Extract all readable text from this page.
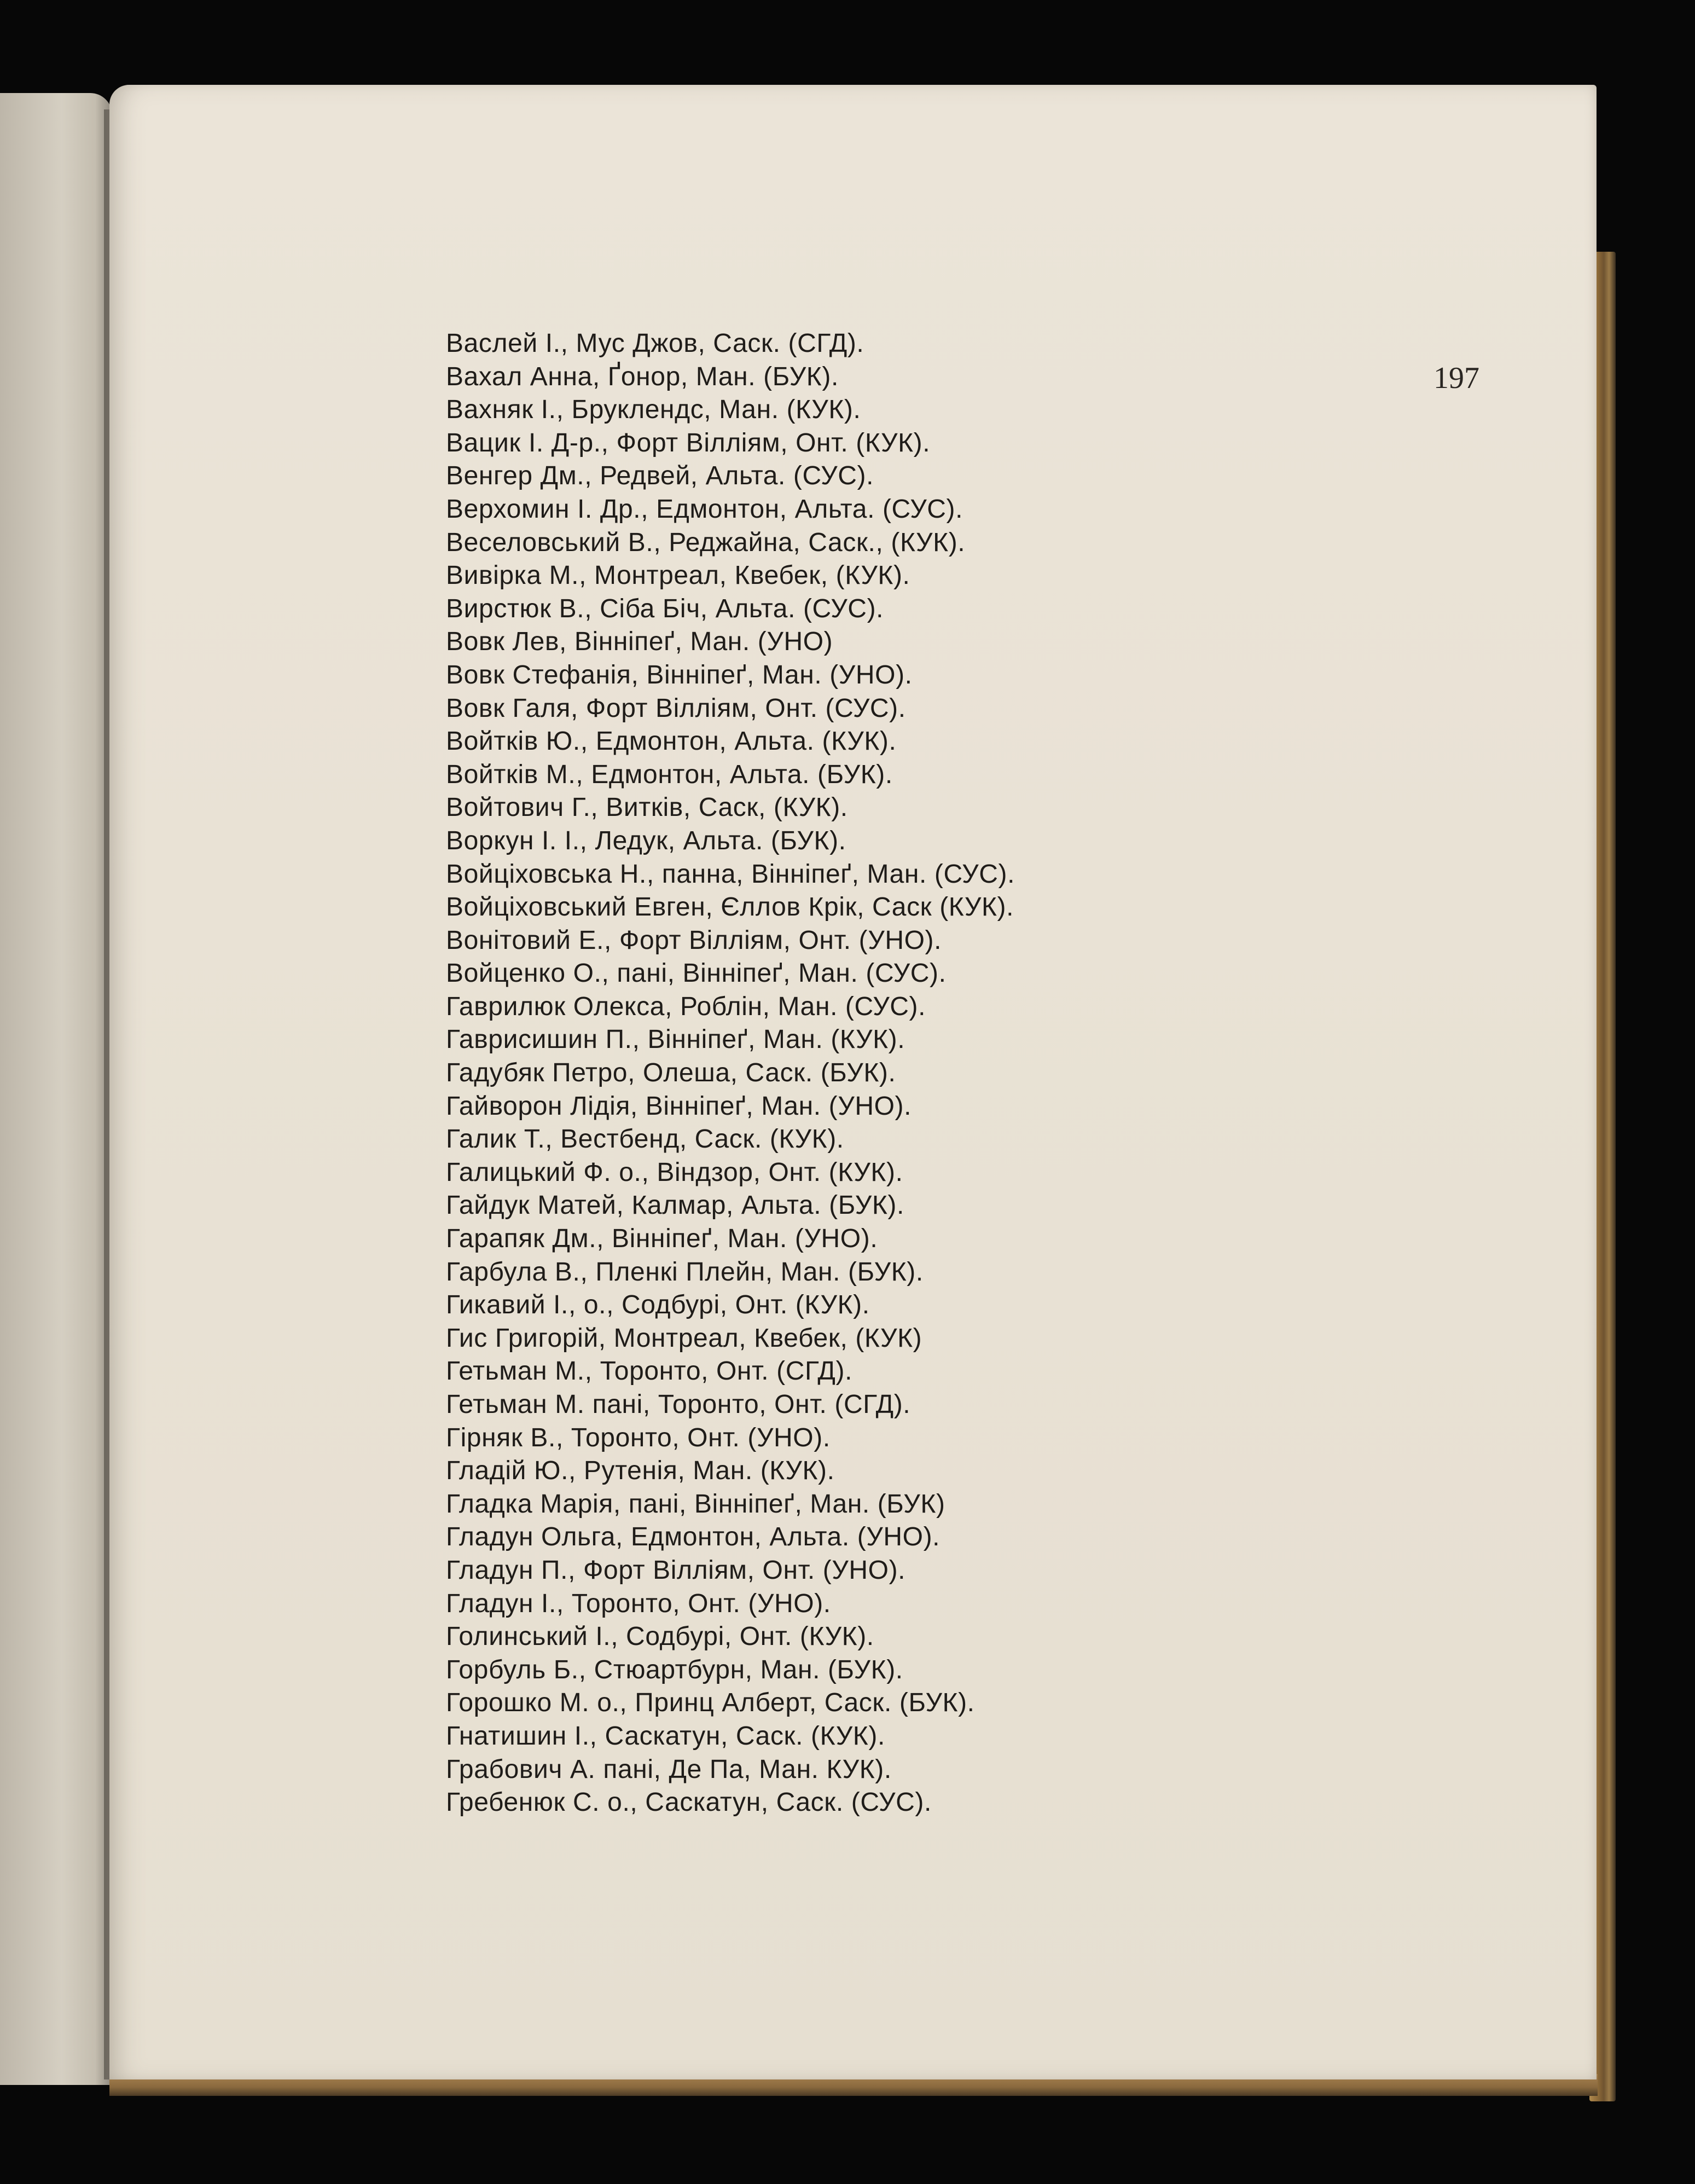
197
Baслей І., Мус Джов, Саск. (СГД).
Вахал Анна, Ґонор, Ман. (БУК).
Вахняк І., Бруклендс, Ман. (КУК).
Вацик І. Д-р., Форт Вілліям, Онт. (КУК).
Венгер Дм., Редвей, Альта. (СУС).
Верхомин І. Др., Едмонтон, Альта. (СУС).
Веселовський В., Реджайна, Саск., (КУК).
Вивірка М., Монтреал, Квебек, (КУК).
Вирстюк В., Сіба Біч, Альта. (СУС).
Вовк Лев, Вінніпеґ, Ман. (УНО)
Вовк Стефанія, Вінніпеґ, Ман. (УНО).
Вовк Галя, Форт Вілліям, Онт. (СУС).
Войтків Ю., Едмонтон, Альта. (КУК).
Войтків М., Едмонтон, Альта. (БУК).
Войтович Г., Витків, Саск, (КУК).
Воркун І. І., Ледук, Альта. (БУК).
Войціховська Н., панна, Вінніпеґ, Ман. (СУС).
Войціховський Евген, Єллов Крік, Саск (КУК).
Вонітовий Е., Форт Вілліям, Онт. (УНО).
Войценко О., пані, Вінніпеґ, Ман. (СУС).
Гаврилюк Олекса, Роблін, Ман. (СУС).
Гаврисишин П., Вінніпеґ, Ман. (КУК).
Гадубяк Петро, Олеша, Саск. (БУК).
Гайворон Лідія, Вінніпеґ, Ман. (УНО).
Галик Т., Вестбенд, Саск. (КУК).
Галицький Ф. о., Віндзор, Онт. (КУК).
Гайдук Матей, Калмар, Альта. (БУК).
Гарапяк Дм., Вінніпеґ, Ман. (УНО).
Гарбула В., Пленкі Плейн, Ман. (БУК).
Гикавий І., о., Содбурі, Онт. (КУК).
Гис Григорій, Монтреал, Квебек, (КУК)
Гетьман М., Торонто, Онт. (СГД).
Гетьман М. пані, Торонто, Онт. (СГД).
Гірняк В., Торонто, Онт. (УНО).
Гладій Ю., Рутенія, Ман. (КУК).
Гладка Марія, пані, Вінніпеґ, Ман. (БУК)
Гладун Ольга, Едмонтон, Альта. (УНО).
Гладун П., Форт Вілліям, Онт. (УНО).
Гладун І., Торонто, Онт. (УНО).
Голинський І., Содбурі, Онт. (КУК).
Горбуль Б., Стюартбурн, Ман. (БУК).
Горошко М. о., Принц Алберт, Саск. (БУК).
Гнатишин І., Саскатун, Саск. (КУК).
Грабович А. пані, Де Па, Ман. КУК).
Гребенюк С. о., Саскатун, Саск. (СУС).
